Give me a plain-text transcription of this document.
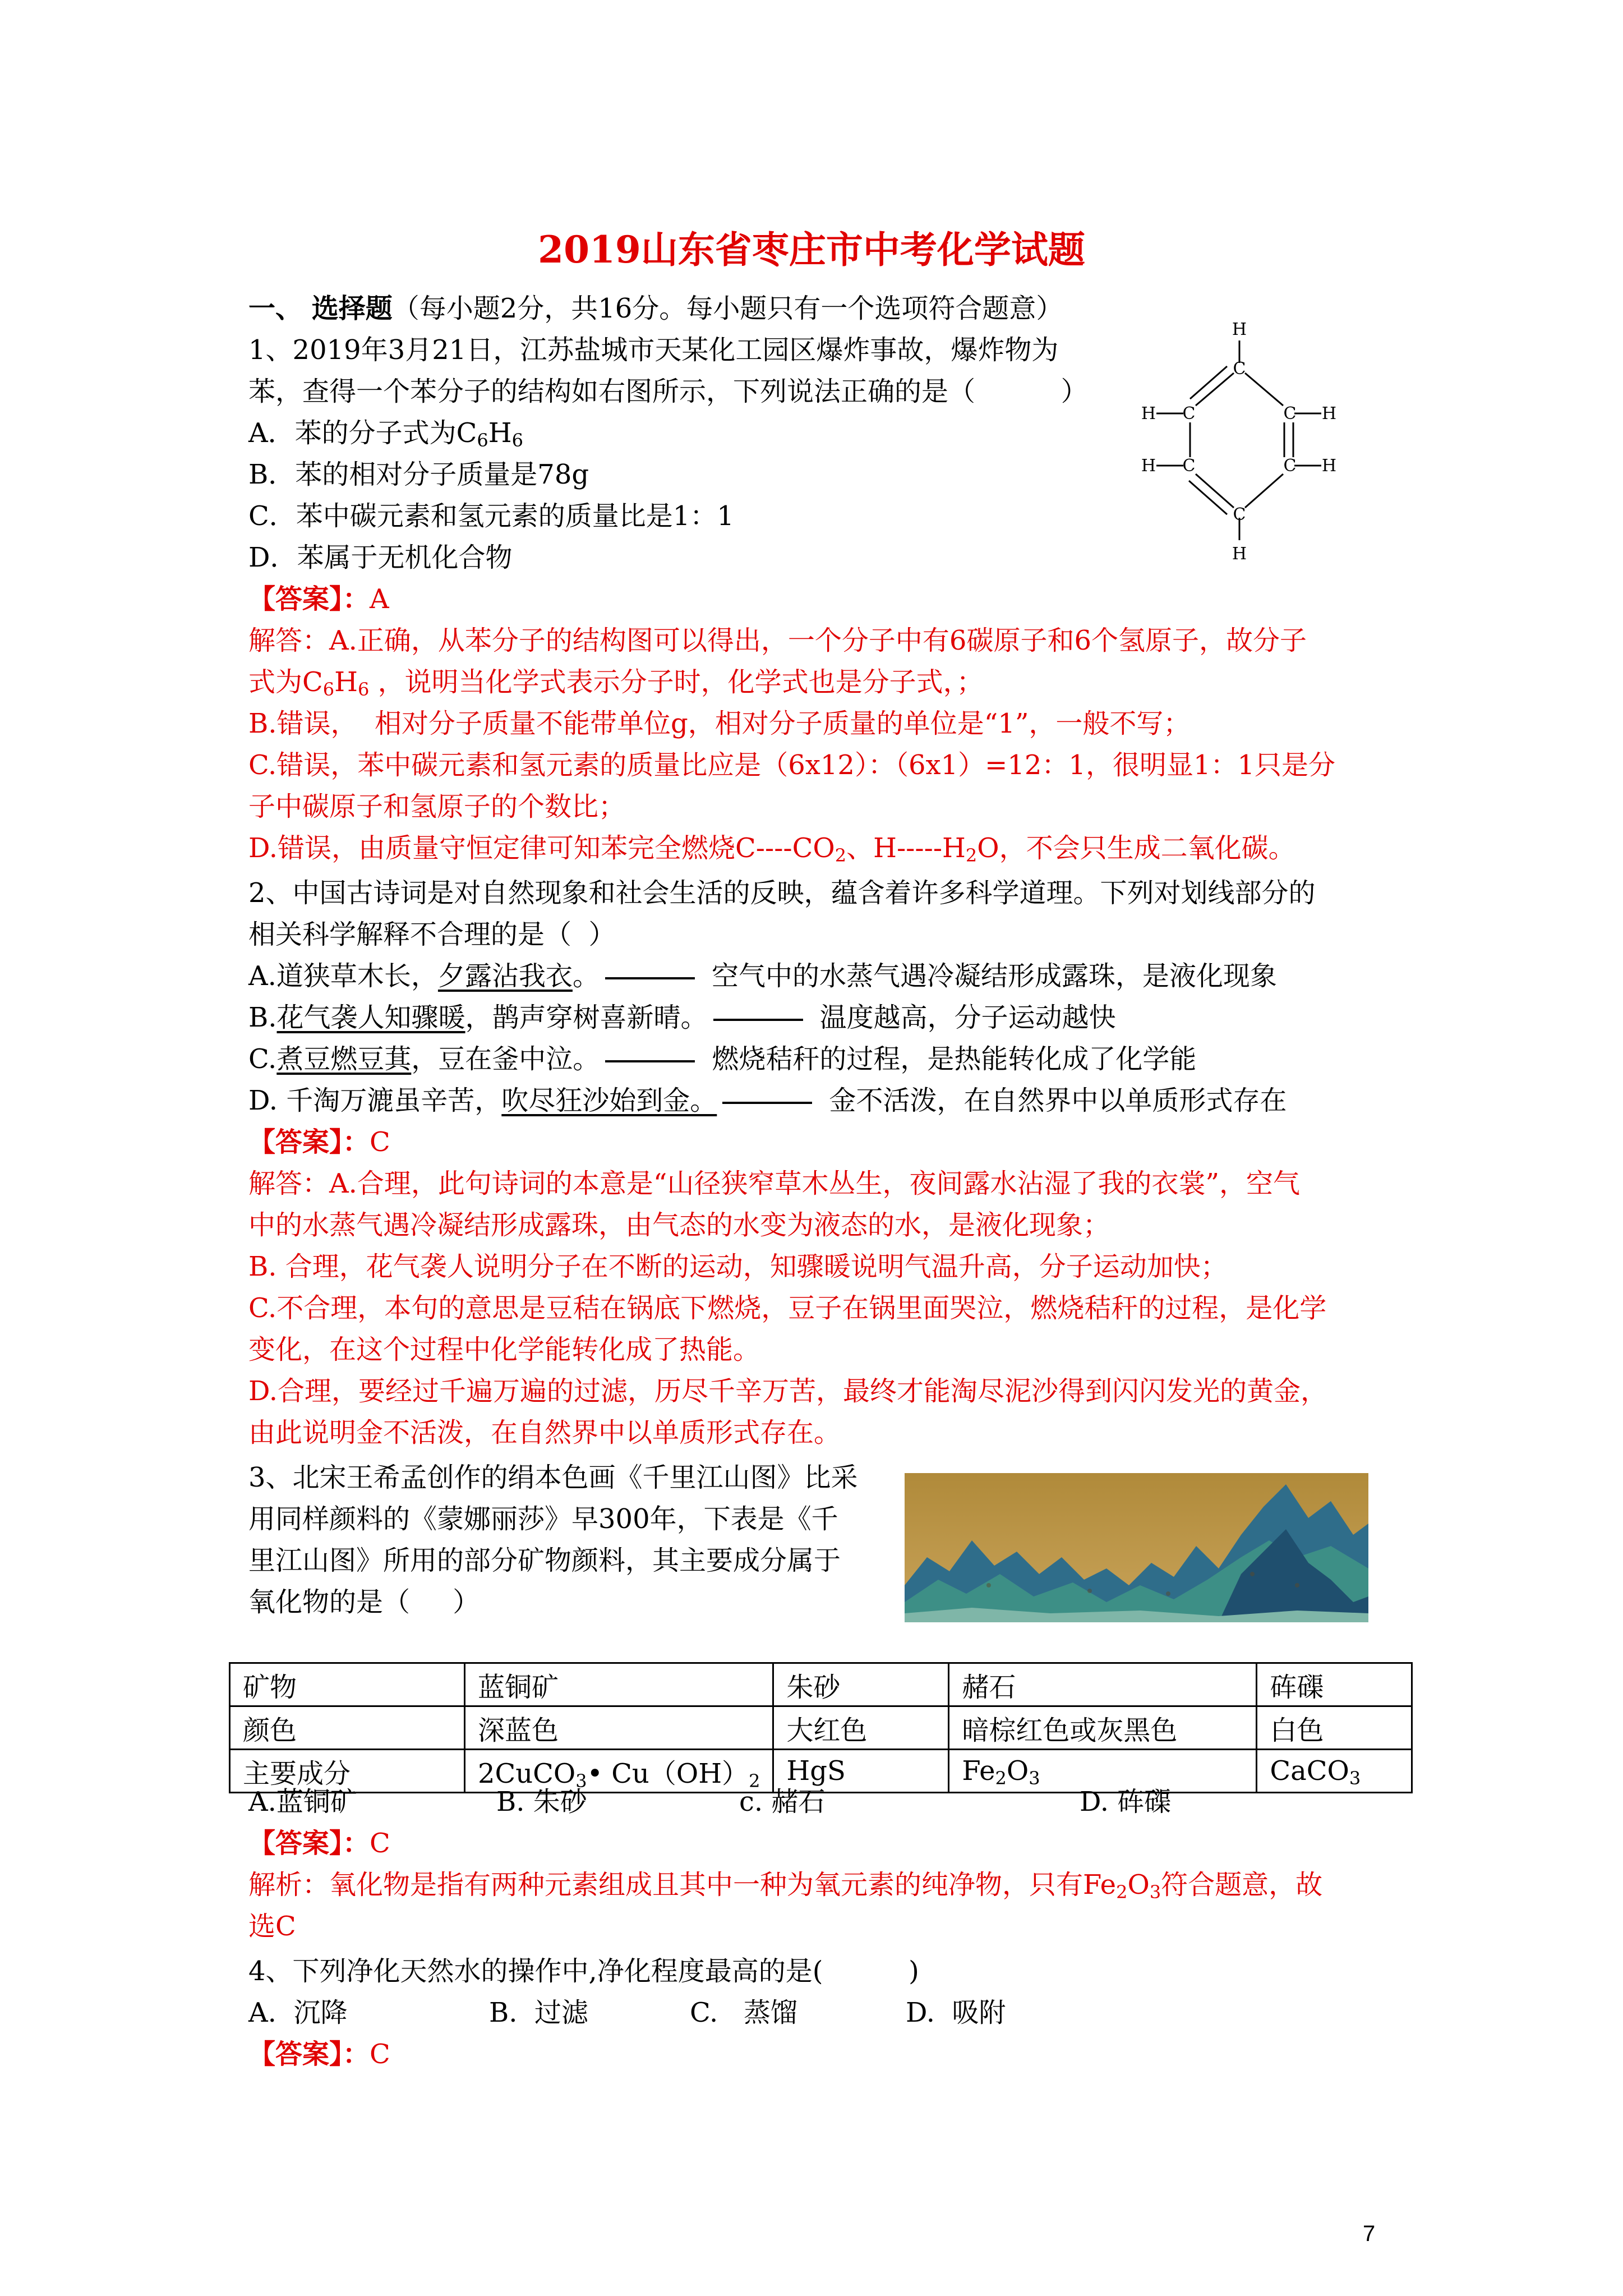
2019山东省枣庄市中考化学试题
一、 选择题（每小题2分，共16分。每小题只有一个选项符合题意）
1、2019年3月21日，江苏盐城市天某化工园区爆炸事故，爆炸物为
苯，查得一个苯分子的结构如右图所示，下列说法正确的是（          ）
A．苯的分子式为$C_6H_6$
B．苯的相对分子质量是78g
C．苯中碳元素和氢元素的质量比是1：1
D．苯属于无机化合物
【答案】：A
解答：A.正确，从苯分子的结构图可以得出，一个分子中有6碳原子和6个氢原子，故分子
式为$C_6H_6$ ，说明当化学式表示分子时，化学式也是分子式，；
B.错误，  相对分子质量不能带单位g，相对分子质量的单位是“1”，一般不写；
C.错误，苯中碳元素和氢元素的质量比应是（6x12）：（6x1）=12：1，很明显1：1只是分
子中碳原子和氢原子的个数比；
D.错误，由质量守恒定律可知苯完全燃烧$C----CO_2$、$H-----H_2O$，不会只生成二氧化碳。
H
C
H C	C H
H C	C H
C
H
2、中国古诗词是对自然现象和社会生活的反映，蕴含着许多科学道理。下列对划线部分的
相关科学解释不合理的是（  ）
A.道狭草木长，夕露沾我衣。	空气中的水蒸气遇冷凝结形成露珠，是液化现象
B.花气袭人知骤暖，鹊声穿树喜新晴。	温度越高，分子运动越快
C.煮豆燃豆萁，豆在釜中泣。	燃烧秸秆的过程，是热能转化成了化学能
D. 千淘万漉虽辛苦，吹尽狂沙始到金。	金不活泼，在自然界中以单质形式存在
【答案】：C
解答：A.合理，此句诗词的本意是“山径狭窄草木丛生，夜间露水沾湿了我的衣裳”，空气
中的水蒸气遇冷凝结形成露珠，由气态的水变为液态的水，是液化现象；
B. 合理，花气袭人说明分子在不断的运动，知骤暖说明气温升高，分子运动加快；
C.不合理，本句的意思是豆秸在锅底下燃烧，豆子在锅里面哭泣，燃烧秸秆的过程，是化学
变化，在这个过程中化学能转化成了热能。
D.合理，要经过千遍万遍的过滤，历尽千辛万苦，最终才能淘尽泥沙得到闪闪发光的黄金，
由此说明金不活泼，在自然界中以单质形式存在。
3、北宋王希孟创作的绢本色画《千里江山图》比采
用同样颜料的《蒙娜丽莎》早300年，下表是《千
里江山图》所用的部分矿物颜料，其主要成分属于
氧化物的是（     ）
矿物	蓝铜矿	朱砂	赭石	砗磲
颜色	深蓝色	大红色	暗棕红色或灰黑色	白色
主要成分	2CuCO$_3$• $Cu(OH)_2$	HgS	$Fe_2O_3$	CaCO$_3$
A.蓝铜矿	B. 朱砂	c. 赭石	D. 砗磲
【答案】：C
解析：氧化物是指有两种元素组成且其中一种为氧元素的纯净物，只有$Fe_2O_3$符合题意，故
选C
4、下列净化天然水的操作中,净化程度最高的是(          )
A.  沉降	B.  过滤	C.   蒸馏	D.  吸附
【答案】：C
7
